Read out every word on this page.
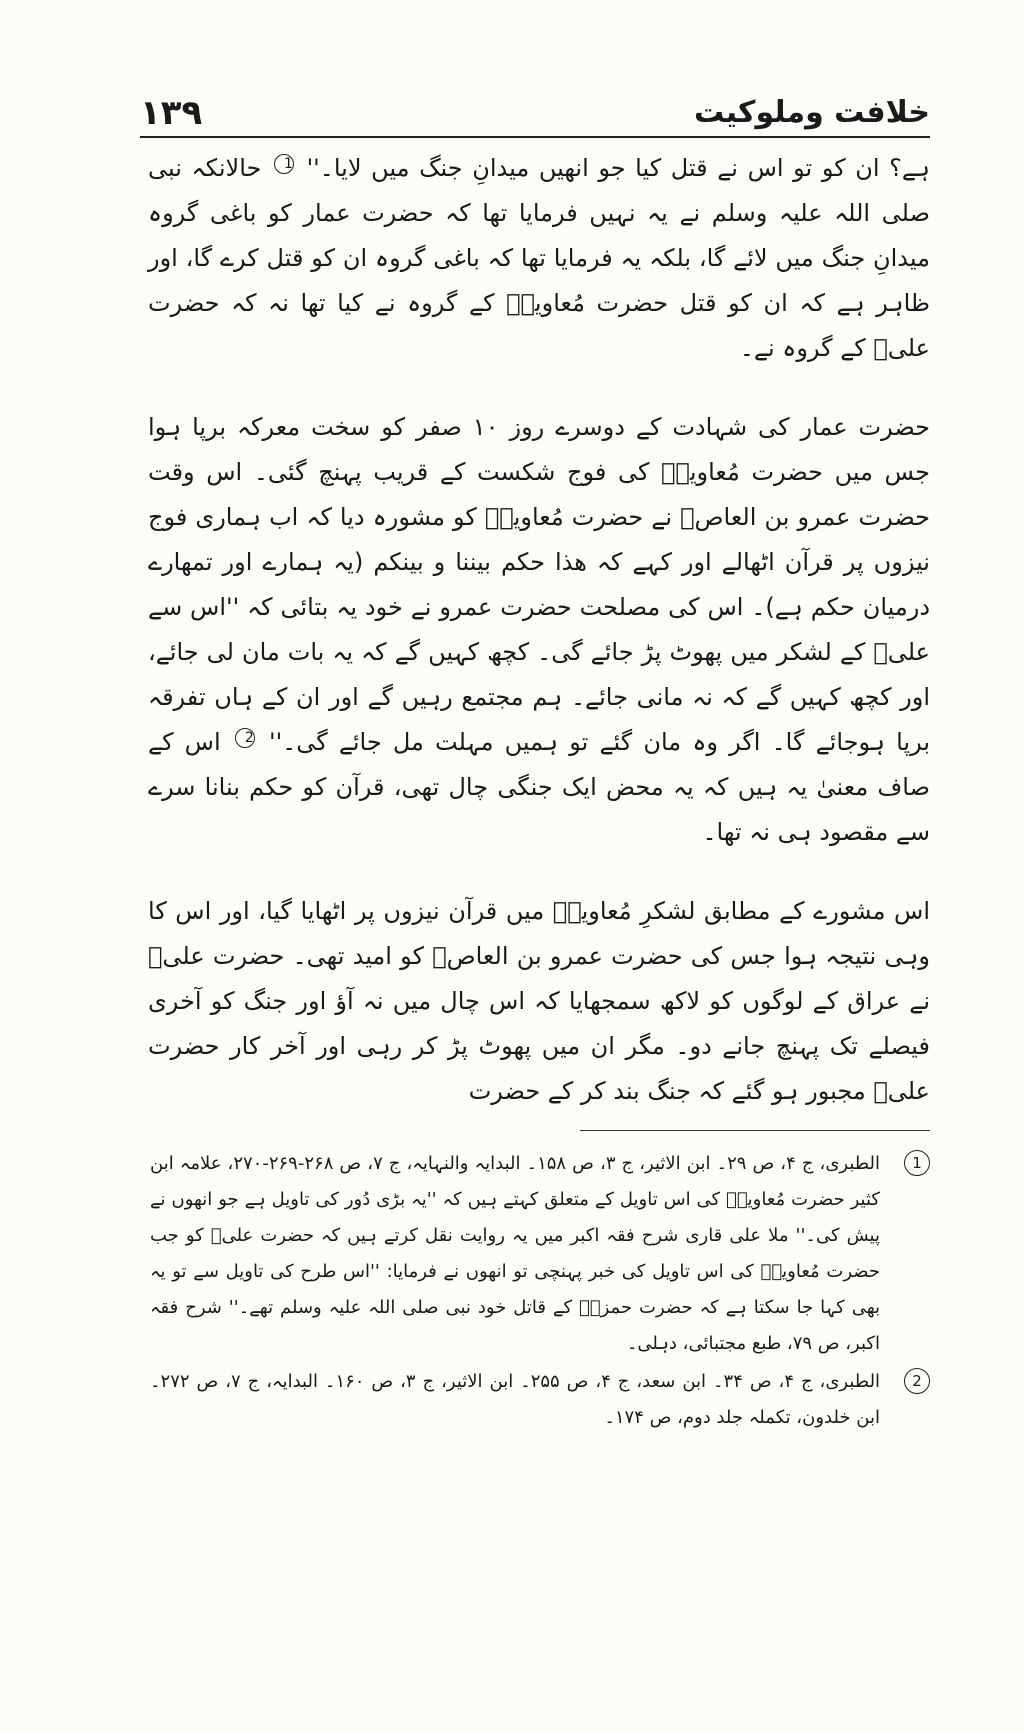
۱۳۹	خلافت وملوکیت

ہے؟ ان کو تو اس نے قتل کیا جو انھیں میدانِ جنگ میں لایا۔'' 1 حالانکہ نبی صلی اللہ علیہ وسلم نے یہ نہیں فرمایا تھا کہ حضرت عمار کو باغی گروہ میدانِ جنگ میں لائے گا، بلکہ یہ فرمایا تھا کہ باغی گروہ ان کو قتل کرے گا، اور ظاہر ہے کہ ان کو قتل حضرت مُعاویہؓ کے گروہ نے کیا تھا نہ کہ حضرت علیؓ کے گروہ نے۔

حضرت عمار کی شہادت کے دوسرے روز ۱۰ صفر کو سخت معرکہ برپا ہوا جس میں حضرت مُعاویہؓ کی فوج شکست کے قریب پہنچ گئی۔ اس وقت حضرت عمرو بن العاصؓ نے حضرت مُعاویہؓ کو مشورہ دیا کہ اب ہماری فوج نیزوں پر قرآن اٹھالے اور کہے کہ ھذا حکم بیننا و بینکم (یہ ہمارے اور تمھارے درمیان حکم ہے)۔ اس کی مصلحت حضرت عمرو نے خود یہ بتائی کہ ''اس سے علیؓ کے لشکر میں پھوٹ پڑ جائے گی۔ کچھ کہیں گے کہ یہ بات مان لی جائے، اور کچھ کہیں گے کہ نہ مانی جائے۔ ہم مجتمع رہیں گے اور ان کے ہاں تفرقہ برپا ہوجائے گا۔ اگر وہ مان گئے تو ہمیں مہلت مل جائے گی۔'' 2 اس کے صاف معنیٰ یہ ہیں کہ یہ محض ایک جنگی چال تھی، قرآن کو حکم بنانا سرے سے مقصود ہی نہ تھا۔

اس مشورے کے مطابق لشکرِ مُعاویہؓ میں قرآن نیزوں پر اٹھایا گیا، اور اس کا وہی نتیجہ ہوا جس کی حضرت عمرو بن العاصؓ کو امید تھی۔ حضرت علیؓ نے عراق کے لوگوں کو لاکھ سمجھایا کہ اس چال میں نہ آؤ اور جنگ کو آخری فیصلے تک پہنچ جانے دو۔ مگر ان میں پھوٹ پڑ کر رہی اور آخر کار حضرت علیؓ مجبور ہو گئے کہ جنگ بند کر کے حضرت

1
الطبری، ج ۴، ص ۲۹۔ ابن الاثیر، ج ۳، ص ۱۵۸۔ البدایہ والنہایہ، ج ۷، ص ۲۶۸-۲۶۹-۲۷۰، علامہ ابن کثیر حضرت مُعاویہؓ کی اس تاویل کے متعلق کہتے ہیں کہ ''یہ بڑی دُور کی تاویل ہے جو انھوں نے پیش کی۔'' ملا علی قاری شرح فقہ اکبر میں یہ روایت نقل کرتے ہیں کہ حضرت علیؓ کو جب حضرت مُعاویہؓ کی اس تاویل کی خبر پہنچی تو انھوں نے فرمایا: ''اس طرح کی تاویل سے تو یہ بھی کہا جا سکتا ہے کہ حضرت حمزہؓ کے قاتل خود نبی صلی اللہ علیہ وسلم تھے۔'' شرح فقہ اکبر، ص ۷۹، طبع مجتبائی، دہلی۔
2
الطبری، ج ۴، ص ۳۴۔ ابن سعد، ج ۴، ص ۲۵۵۔ ابن الاثیر، ج ۳، ص ۱۶۰۔ البدایہ، ج ۷، ص ۲۷۲۔ ابن خلدون، تکملہ جلد دوم، ص ۱۷۴۔
